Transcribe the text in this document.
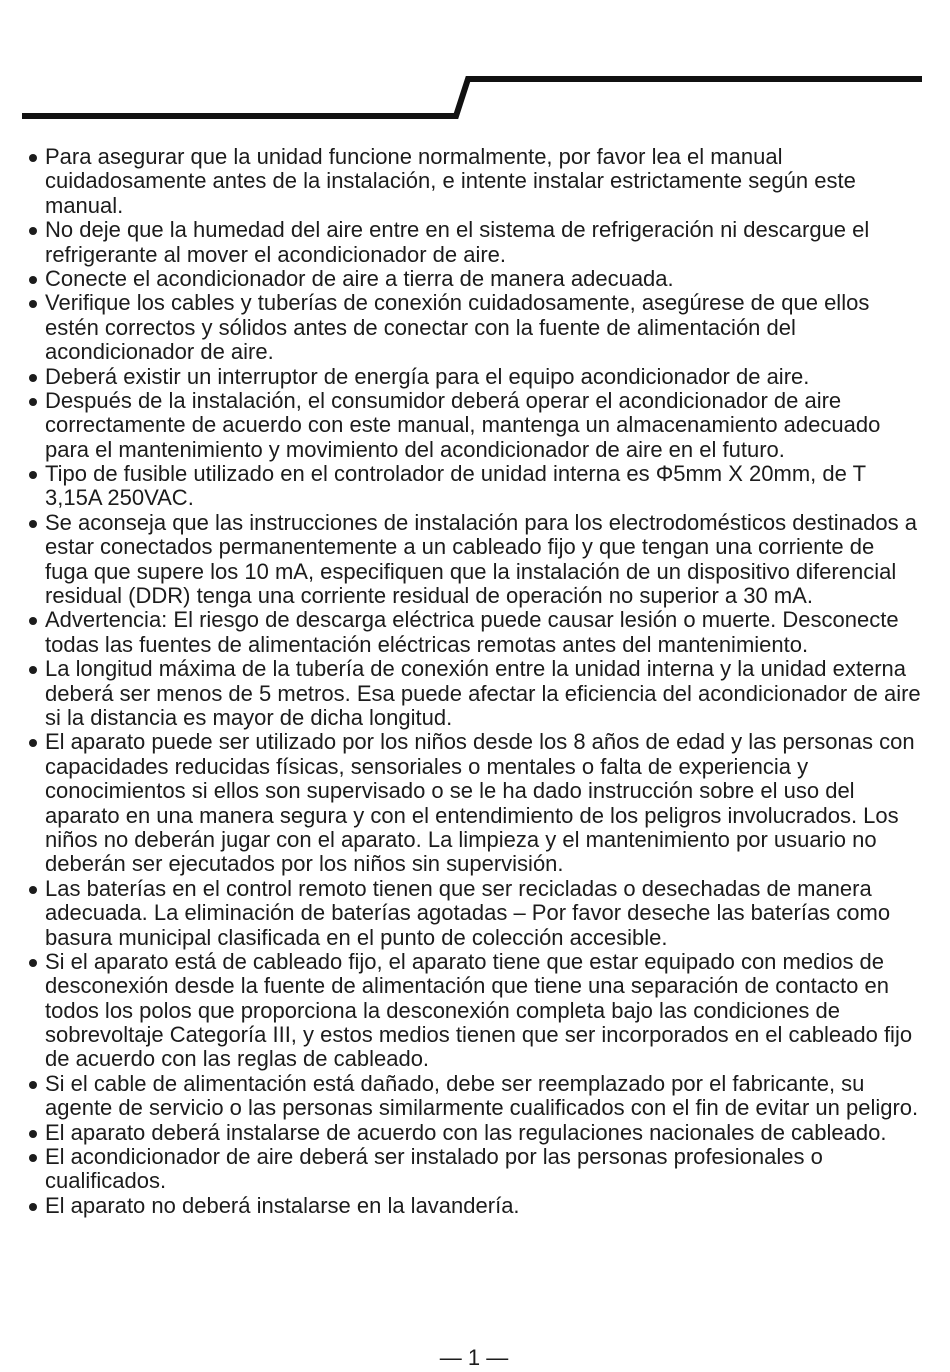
Para asegurar que la unidad funcione normalmente, por favor lea el manual
cuidadosamente antes de la instalación, e intente instalar estrictamente según este
manual.
No deje que la humedad del aire entre en el sistema de refrigeración ni descargue el
refrigerante al mover el acondicionador de aire.
Conecte el acondicionador de aire a tierra de manera adecuada.
Verifique los cables y tuberías de conexión cuidadosamente, asegúrese de que ellos
estén correctos y sólidos antes de conectar con la fuente de alimentación del
acondicionador de aire.
Deberá existir un interruptor de energía para el equipo acondicionador de aire.
Después de la instalación, el consumidor deberá operar el acondicionador de aire
correctamente de acuerdo con este manual, mantenga un almacenamiento adecuado
para el mantenimiento y movimiento del acondicionador de aire en el futuro.
Tipo de fusible utilizado en el controlador de unidad interna es Φ5mm X 20mm, de T
3,15A 250VAC.
Se aconseja que las instrucciones de instalación para los electrodomésticos destinados a
estar conectados permanentemente a un cableado fijo y que tengan una corriente de
fuga que supere los 10 mA, especifiquen que la instalación de un dispositivo diferencial
residual (DDR) tenga una corriente residual de operación no superior a 30 mA.
Advertencia: El riesgo de descarga eléctrica puede causar lesión o muerte. Desconecte
todas las fuentes de alimentación eléctricas remotas antes del mantenimiento.
La longitud máxima de la tubería de conexión entre la unidad interna y la unidad externa
deberá ser menos de 5 metros. Esa puede afectar la eficiencia del acondicionador de aire
si la distancia es mayor de dicha longitud.
El aparato puede ser utilizado por los niños desde los 8 años de edad y las personas con
capacidades reducidas físicas, sensoriales o mentales o falta de experiencia y
conocimientos si ellos son supervisado o se le ha dado instrucción sobre el uso del
aparato en una manera segura y con el entendimiento de los peligros involucrados. Los
niños no deberán jugar con el aparato. La limpieza y el mantenimiento por usuario no
deberán ser ejecutados por los niños sin supervisión.
Las baterías en el control remoto tienen que ser recicladas o desechadas de manera
adecuada. La eliminación de baterías agotadas – Por favor deseche las baterías como
basura municipal clasificada en el punto de colección accesible.
Si el aparato está de cableado fijo, el aparato tiene que estar equipado con medios de
desconexión desde la fuente de alimentación que tiene una separación de contacto en
todos los polos que proporciona la desconexión completa bajo las condiciones de
sobrevoltaje Categoría III, y estos medios tienen que ser incorporados en el cableado fijo
de acuerdo con las reglas de cableado.
Si el cable de alimentación está dañado, debe ser reemplazado por el fabricante, su
agente de servicio o las personas similarmente cualificados con el fin de evitar un peligro.
El aparato deberá instalarse de acuerdo con las regulaciones nacionales de cableado.
El acondicionador de aire deberá ser instalado por las personas profesionales o
cualificados.
El aparato no deberá instalarse en la lavandería.
— 1 —
